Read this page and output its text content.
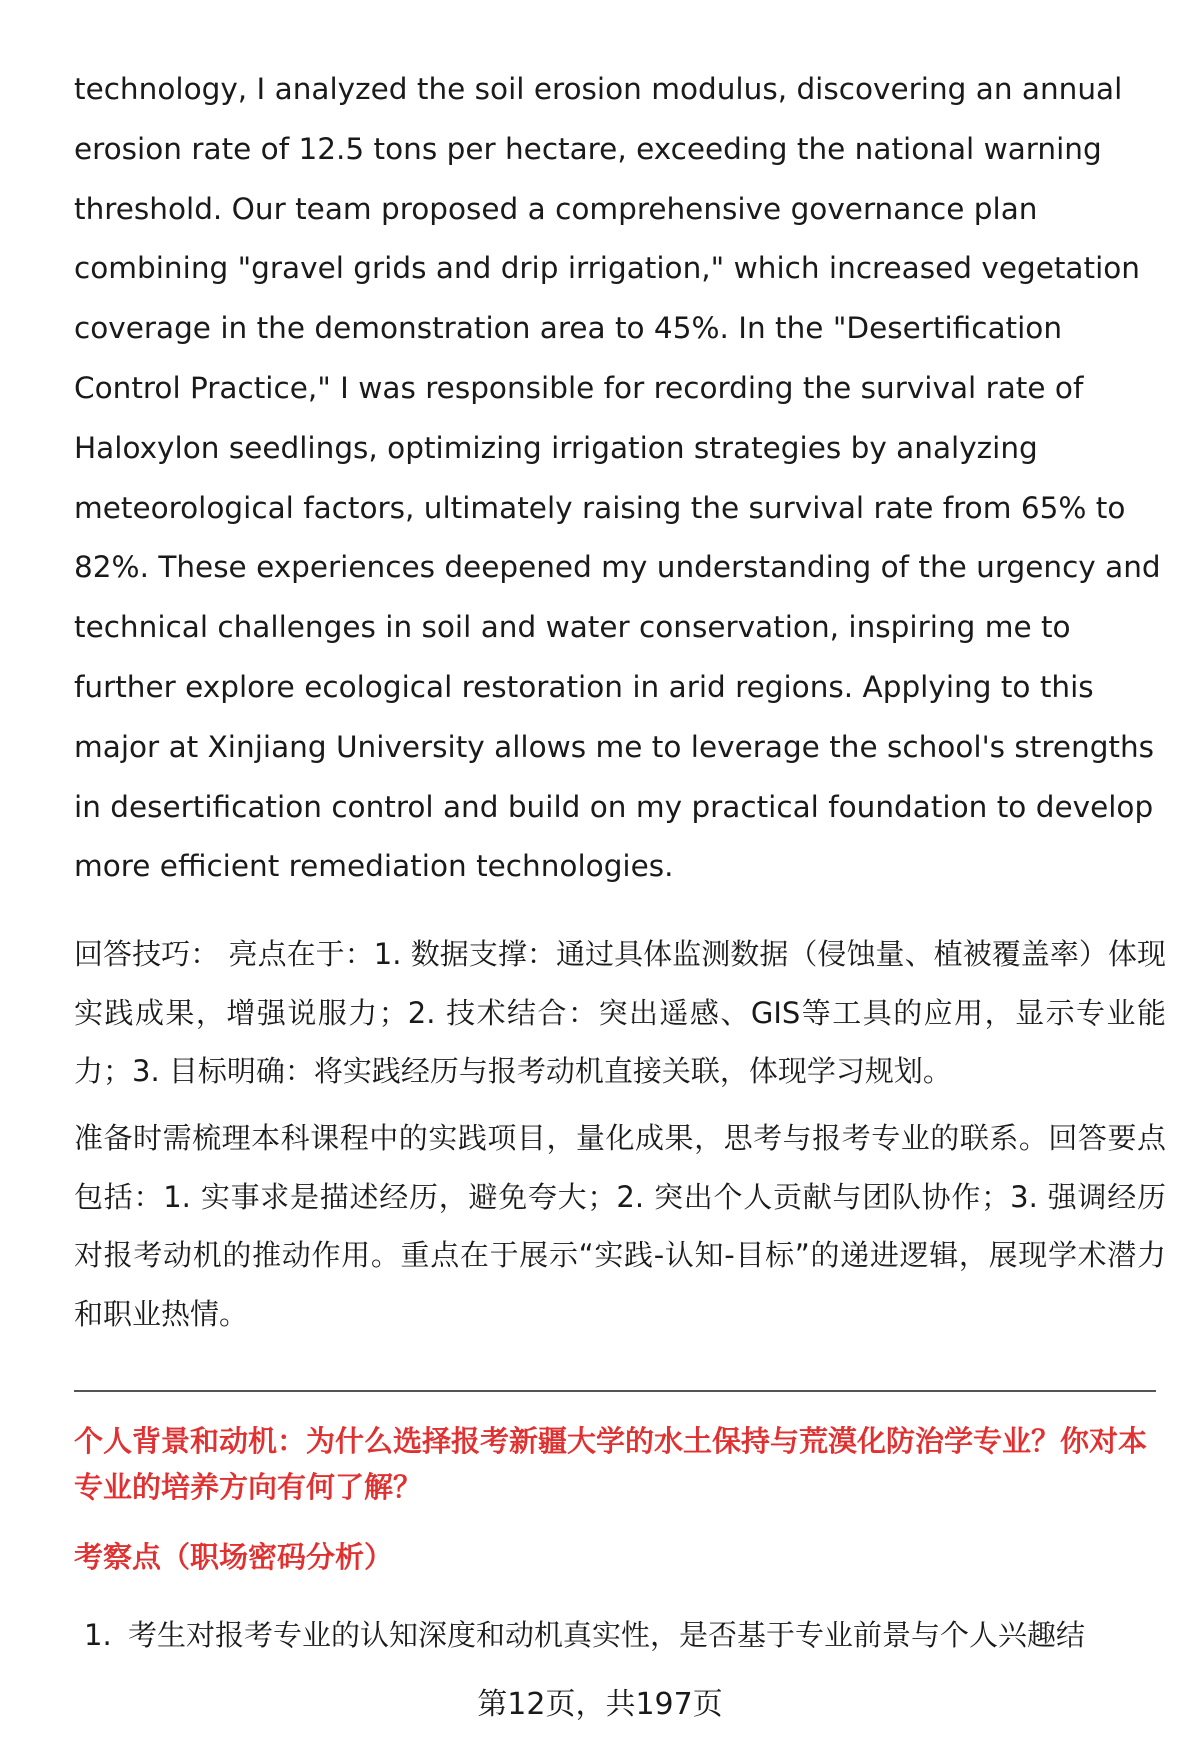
technology, I analyzed the soil erosion modulus, discovering an annual erosion rate of 12.5 tons per hectare, exceeding the national warning threshold. Our team proposed a comprehensive governance plan combining "gravel grids and drip irrigation," which increased vegetation coverage in the demonstration area to 45%. In the "Desertification Control Practice," I was responsible for recording the survival rate of Haloxylon seedlings, optimizing irrigation strategies by analyzing meteorological factors, ultimately raising the survival rate from 65% to 82%. These experiences deepened my understanding of the urgency and technical challenges in soil and water conservation, inspiring me to further explore ecological restoration in arid regions. Applying to this major at Xinjiang University allows me to leverage the school's strengths in desertification control and build on my practical foundation to develop more efficient remediation technologies.

回答技巧： 亮点在于：1. 数据支撑：通过具体监测数据（侵蚀量、植被覆盖率）体现实践成果，增强说服力；2. 技术结合：突出遥感、GIS等工具的应用，显示专业能力；3. 目标明确：将实践经历与报考动机直接关联，体现学习规划。

准备时需梳理本科课程中的实践项目，量化成果，思考与报考专业的联系。回答要点包括：1. 实事求是描述经历，避免夸大；2. 突出个人贡献与团队协作；3. 强调经历对报考动机的推动作用。重点在于展示“实践-认知-目标”的递进逻辑，展现学术潜力和职业热情。

个人背景和动机：为什么选择报考新疆大学的水土保持与荒漠化防治学专业？你对本专业的培养方向有何了解？

考察点（职场密码分析）

1. 考生对报考专业的认知深度和动机真实性，是否基于专业前景与个人兴趣结

第12页，共197页
